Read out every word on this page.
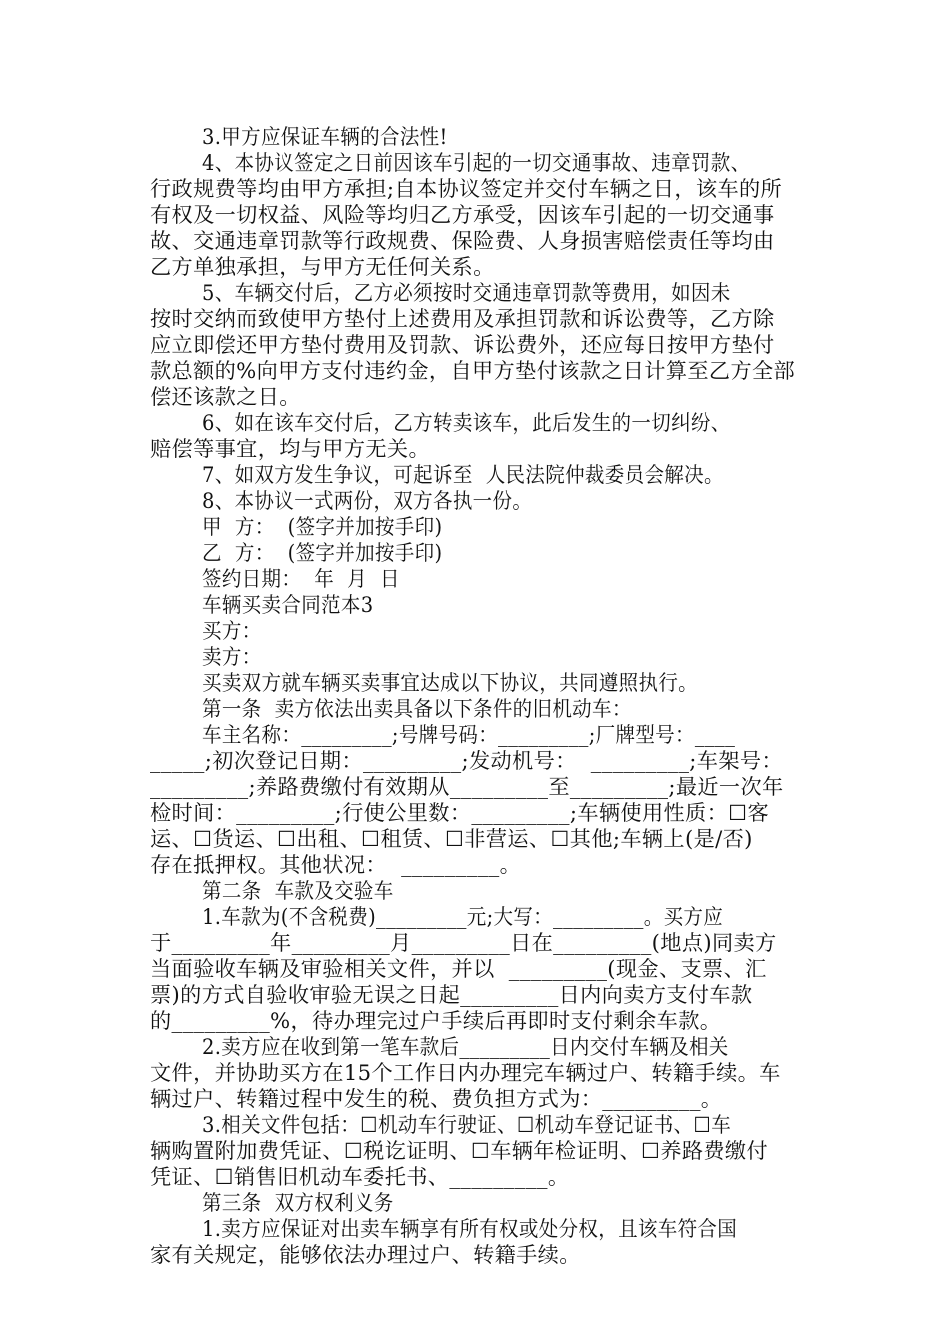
3.甲方应保证车辆的合法性!
4、本协议签定之日前因该车引起的一切交通事故、违章罚款、
行政规费等均由甲方承担;自本协议签定并交付车辆之日，该车的所
有权及一切权益、风险等均归乙方承受，因该车引起的一切交通事
故、交通违章罚款等行政规费、保险费、人身损害赔偿责任等均由
乙方单独承担，与甲方无任何关系。
5、车辆交付后，乙方必须按时交通违章罚款等费用，如因未
按时交纳而致使甲方垫付上述费用及承担罚款和诉讼费等，乙方除
应立即偿还甲方垫付费用及罚款、诉讼费外，还应每日按甲方垫付
款总额的%向甲方支付违约金，自甲方垫付该款之日计算至乙方全部
偿还该款之日。
6、如在该车交付后，乙方转卖该车，此后发生的一切纠纷、
赔偿等事宜，均与甲方无关。
7、如双方发生争议，可起诉至  人民法院仲裁委员会解决。
8、本协议一式两份，双方各执一份。
甲  方：  (签字并加按手印)
乙  方：  (签字并加按手印)
签约日期：  年  月  日
车辆买卖合同范本3
买方：
卖方：
买卖双方就车辆买卖事宜达成以下协议，共同遵照执行。
第一条  卖方依法出卖具备以下条件的旧机动车：
车主名称：_________;号牌号码：_________;厂牌型号：____
_____;初次登记日期：_________;发动机号：  _________;车架号：
_________;养路费缴付有效期从_________至_________;最近一次年
检时间：_________;行使公里数：_________;车辆使用性质：☐客
运、☐货运、☐出租、☐租赁、☐非营运、☐其他;车辆上(是/否)
存在抵押权。其他状况：  _________。
第二条  车款及交验车
1.车款为(不含税费)_________元;大写：_________。买方应
于_________年_________月_________日在_________(地点)同卖方
当面验收车辆及审验相关文件，并以  _________(现金、支票、汇
票)的方式自验收审验无误之日起_________日内向卖方支付车款
的_________%，待办理完过户手续后再即时支付剩余车款。
2.卖方应在收到第一笔车款后_________日内交付车辆及相关
文件，并协助买方在15个工作日内办理完车辆过户、转籍手续。车
辆过户、转籍过程中发生的税、费负担方式为：_________。
3.相关文件包括：☐机动车行驶证、☐机动车登记证书、☐车
辆购置附加费凭证、☐税讫证明、☐车辆年检证明、☐养路费缴付
凭证、☐销售旧机动车委托书、_________。
第三条  双方权利义务
1.卖方应保证对出卖车辆享有所有权或处分权，且该车符合国
家有关规定，能够依法办理过户、转籍手续。
